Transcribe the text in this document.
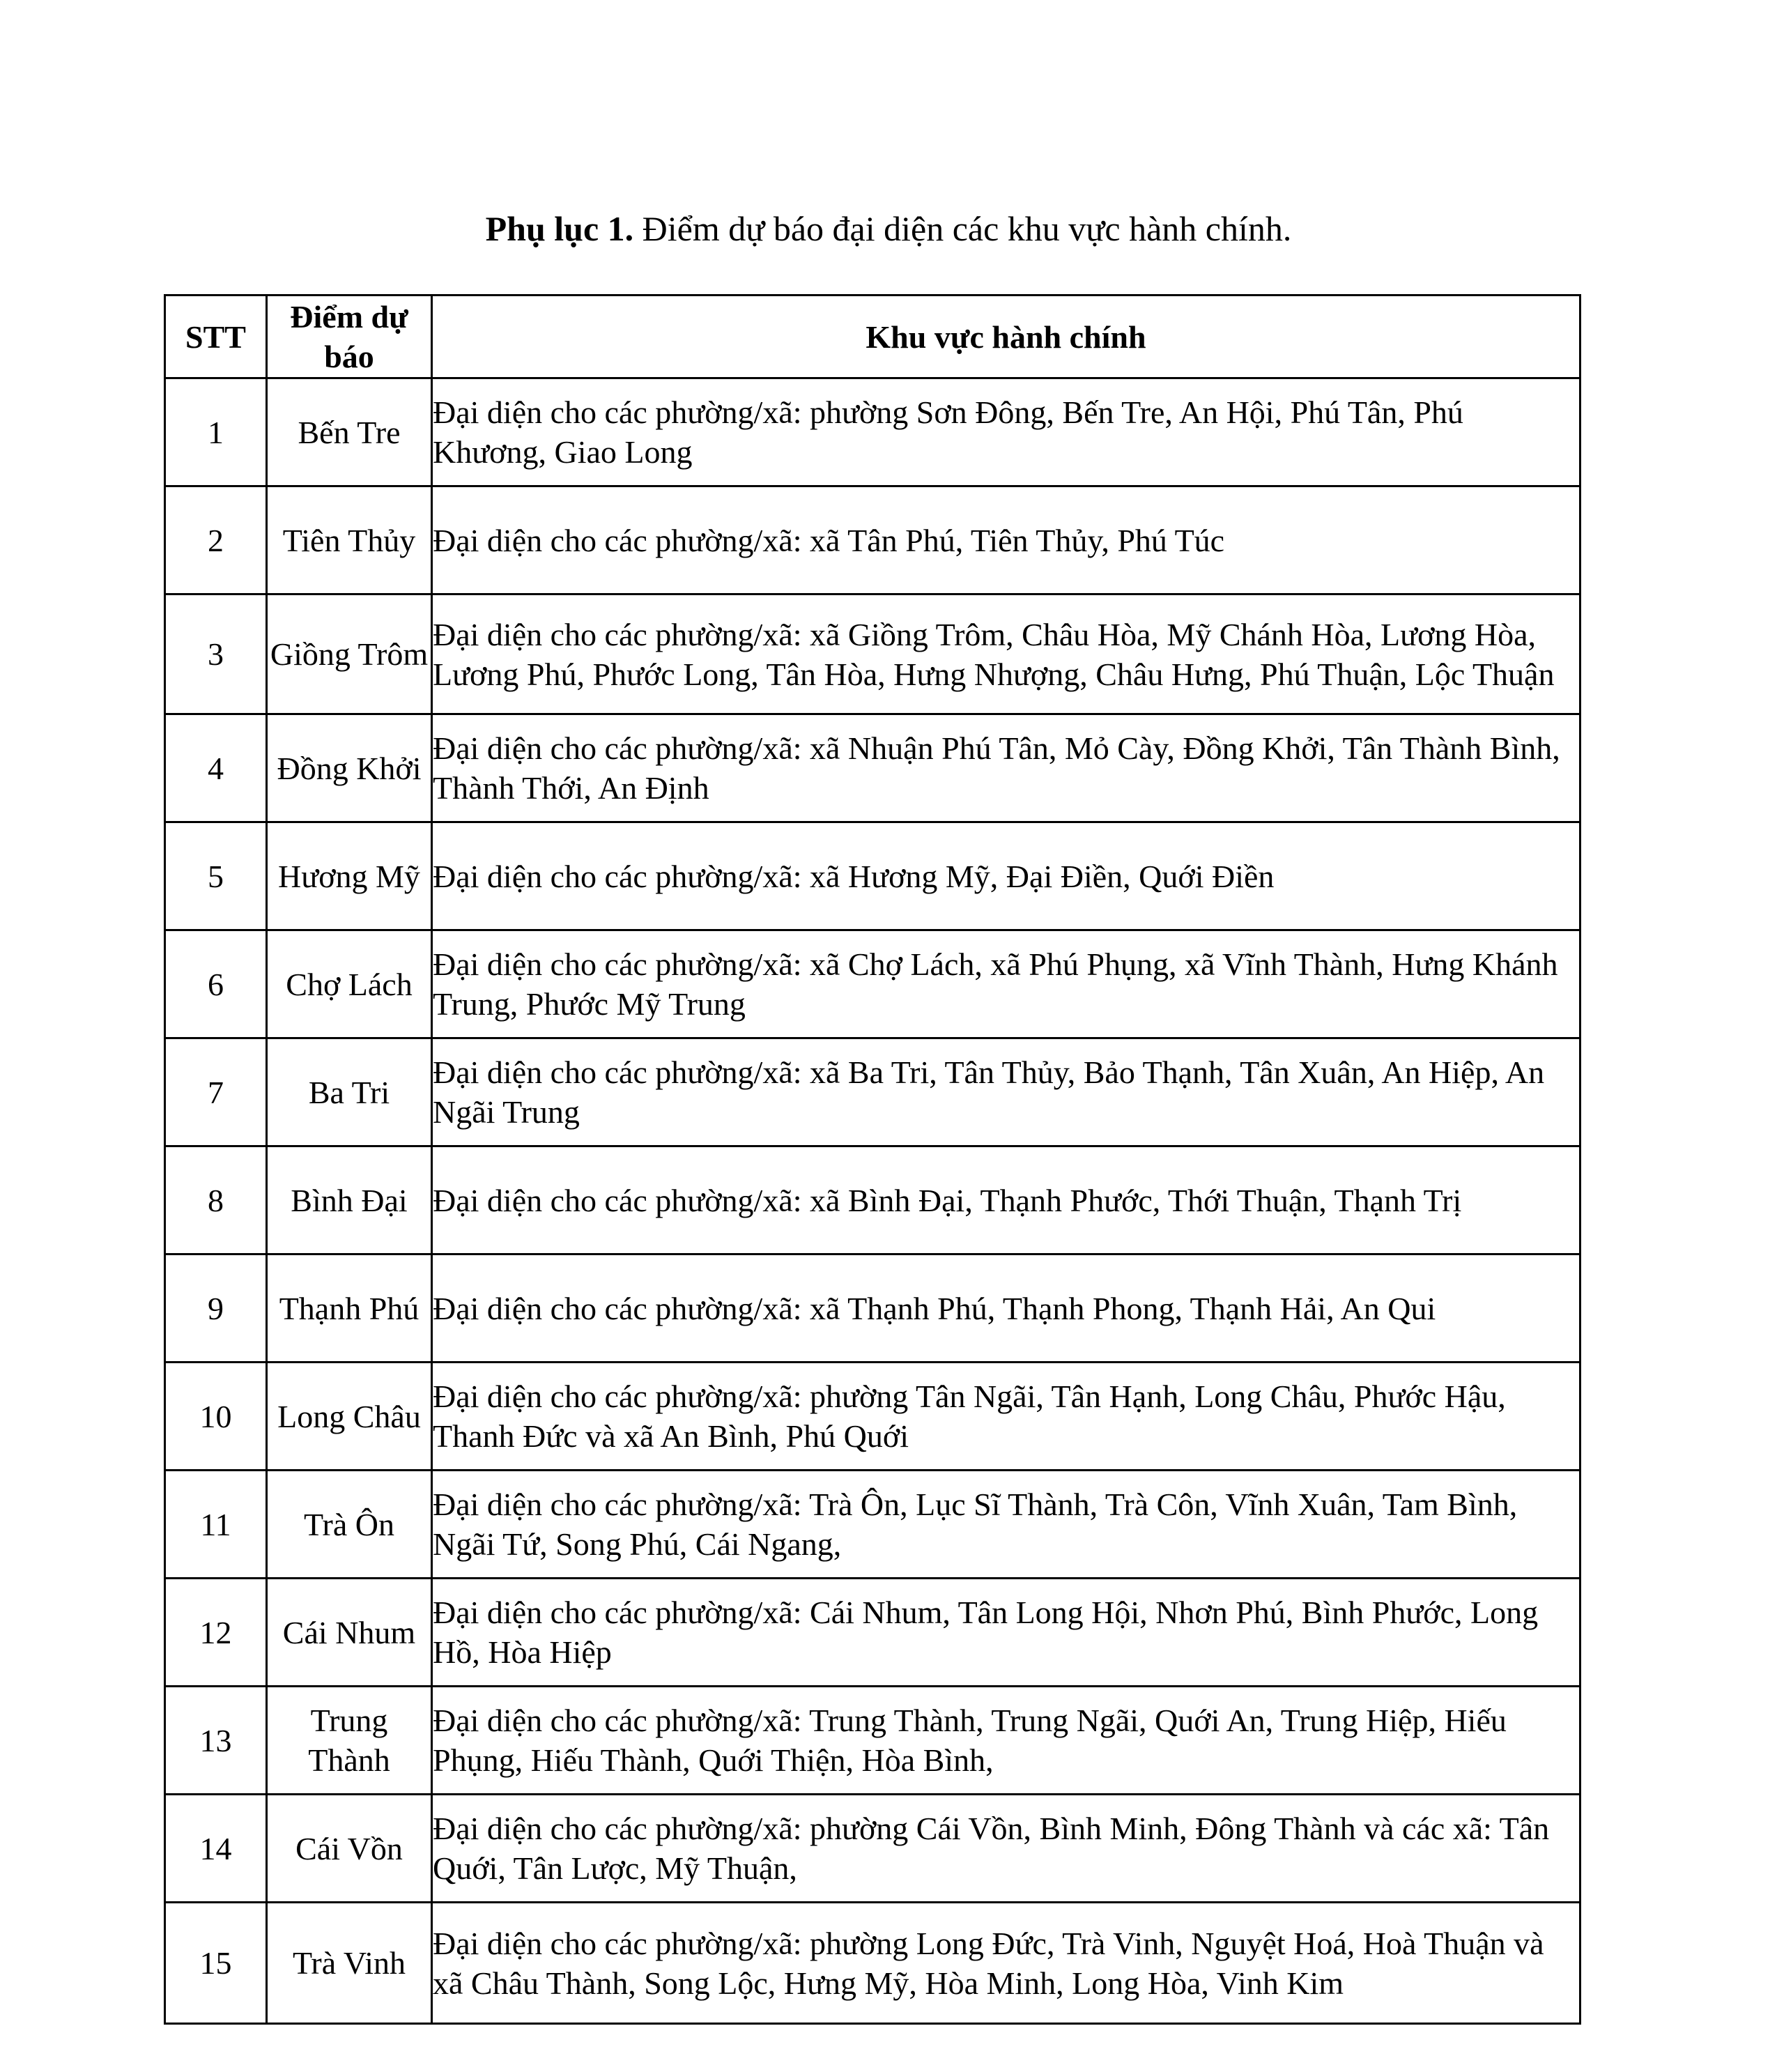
Phụ lục 1. Điểm dự báo đại diện các khu vực hành chính.
STT	Điểm dự báo	Khu vực hành chính
1	Bến Tre	Đại diện cho các phường/xã: phường Sơn Đông, Bến Tre, An Hội, Phú Tân, Phú Khương, Giao Long
2	Tiên Thủy	Đại diện cho các phường/xã: xã Tân Phú, Tiên Thủy, Phú Túc
3	Giồng Trôm	Đại diện cho các phường/xã: xã Giồng Trôm, Châu Hòa, Mỹ Chánh Hòa, Lương Hòa, Lương Phú, Phước Long, Tân Hòa, Hưng Nhượng, Châu Hưng, Phú Thuận, Lộc Thuận
4	Đồng Khởi	Đại diện cho các phường/xã: xã Nhuận Phú Tân, Mỏ Cày, Đồng Khởi, Tân Thành Bình, Thành Thới, An Định
5	Hương Mỹ	Đại diện cho các phường/xã: xã Hương Mỹ, Đại Điền, Quới Điền
6	Chợ Lách	Đại diện cho các phường/xã: xã Chợ Lách, xã Phú Phụng, xã Vĩnh Thành, Hưng Khánh Trung, Phước Mỹ Trung
7	Ba Tri	Đại diện cho các phường/xã: xã Ba Tri, Tân Thủy, Bảo Thạnh, Tân Xuân, An Hiệp, An Ngãi Trung
8	Bình Đại	Đại diện cho các phường/xã: xã Bình Đại, Thạnh Phước, Thới Thuận, Thạnh Trị
9	Thạnh Phú	Đại diện cho các phường/xã: xã Thạnh Phú, Thạnh Phong, Thạnh Hải, An Qui
10	Long Châu	Đại diện cho các phường/xã: phường Tân Ngãi, Tân Hạnh, Long Châu, Phước Hậu, Thanh Đức và xã An Bình, Phú Quới
11	Trà Ôn	Đại diện cho các phường/xã: Trà Ôn, Lục Sĩ Thành, Trà Côn, Vĩnh Xuân, Tam Bình, Ngãi Tứ, Song Phú, Cái Ngang,
12	Cái Nhum	Đại diện cho các phường/xã: Cái Nhum, Tân Long Hội, Nhơn Phú, Bình Phước, Long Hồ, Hòa Hiệp
13	Trung Thành	Đại diện cho các phường/xã: Trung Thành, Trung Ngãi, Quới An, Trung Hiệp, Hiếu Phụng, Hiếu Thành, Quới Thiện, Hòa Bình,
14	Cái Vồn	Đại diện cho các phường/xã: phường Cái Vồn, Bình Minh, Đông Thành và các xã: Tân Quới, Tân Lược, Mỹ Thuận,
15	Trà Vinh	Đại diện cho các phường/xã: phường Long Đức, Trà Vinh, Nguyệt Hoá, Hoà Thuận và xã Châu Thành, Song Lộc, Hưng Mỹ, Hòa Minh, Long Hòa, Vinh Kim
